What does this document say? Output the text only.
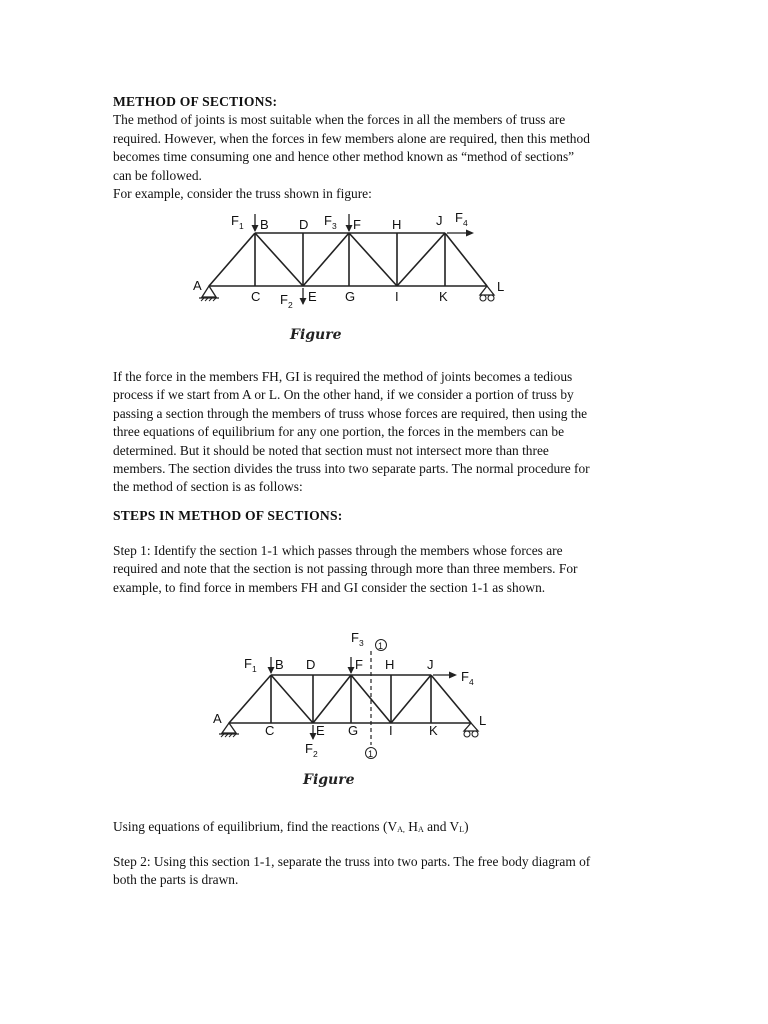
METHOD OF SECTIONS:

The method of joints is most suitable when the forces in all the members of truss are

required. However, when the forces in few members alone are required, then this method

becomes time consuming one and hence other method known as “method of sections”

can be followed.

For example, consider the truss shown in figure:

$F_1$ B D $F_3$ F H	J $F_4$
A
C $F_2$
E G	I	K
L
Figure

If the force in the members FH, GI is required the method of joints becomes a tedious

process if we start from A or L. On the other hand, if we consider a portion of truss by

passing a section through the members of truss whose forces are required, then using the

three equations of equilibrium for any one portion, the forces in the members can be

determined. But it should be noted that section must not intersect more than three

members. The section divides the truss into two separate parts. The normal procedure for

the method of section is as follows:

STEPS IN METHOD OF SECTIONS:

Step 1: Identify the section 1-1 which passes through the members whose forces are

required and note that the section is not passing through more than three members. For

example, to find force in members FH and GI consider the section 1-1 as shown.

1
1
$F_1$ B D
$F_3$
F H	J
$F_4$
A
C	E G I	K
L
$F_2$
Figure

Using equations of equilibrium, find the reactions ($V_{A,}$ $H_A$ and $V_L$)

Step 2: Using this section 1-1, separate the truss into two parts. The free body diagram of

both the parts is drawn.
